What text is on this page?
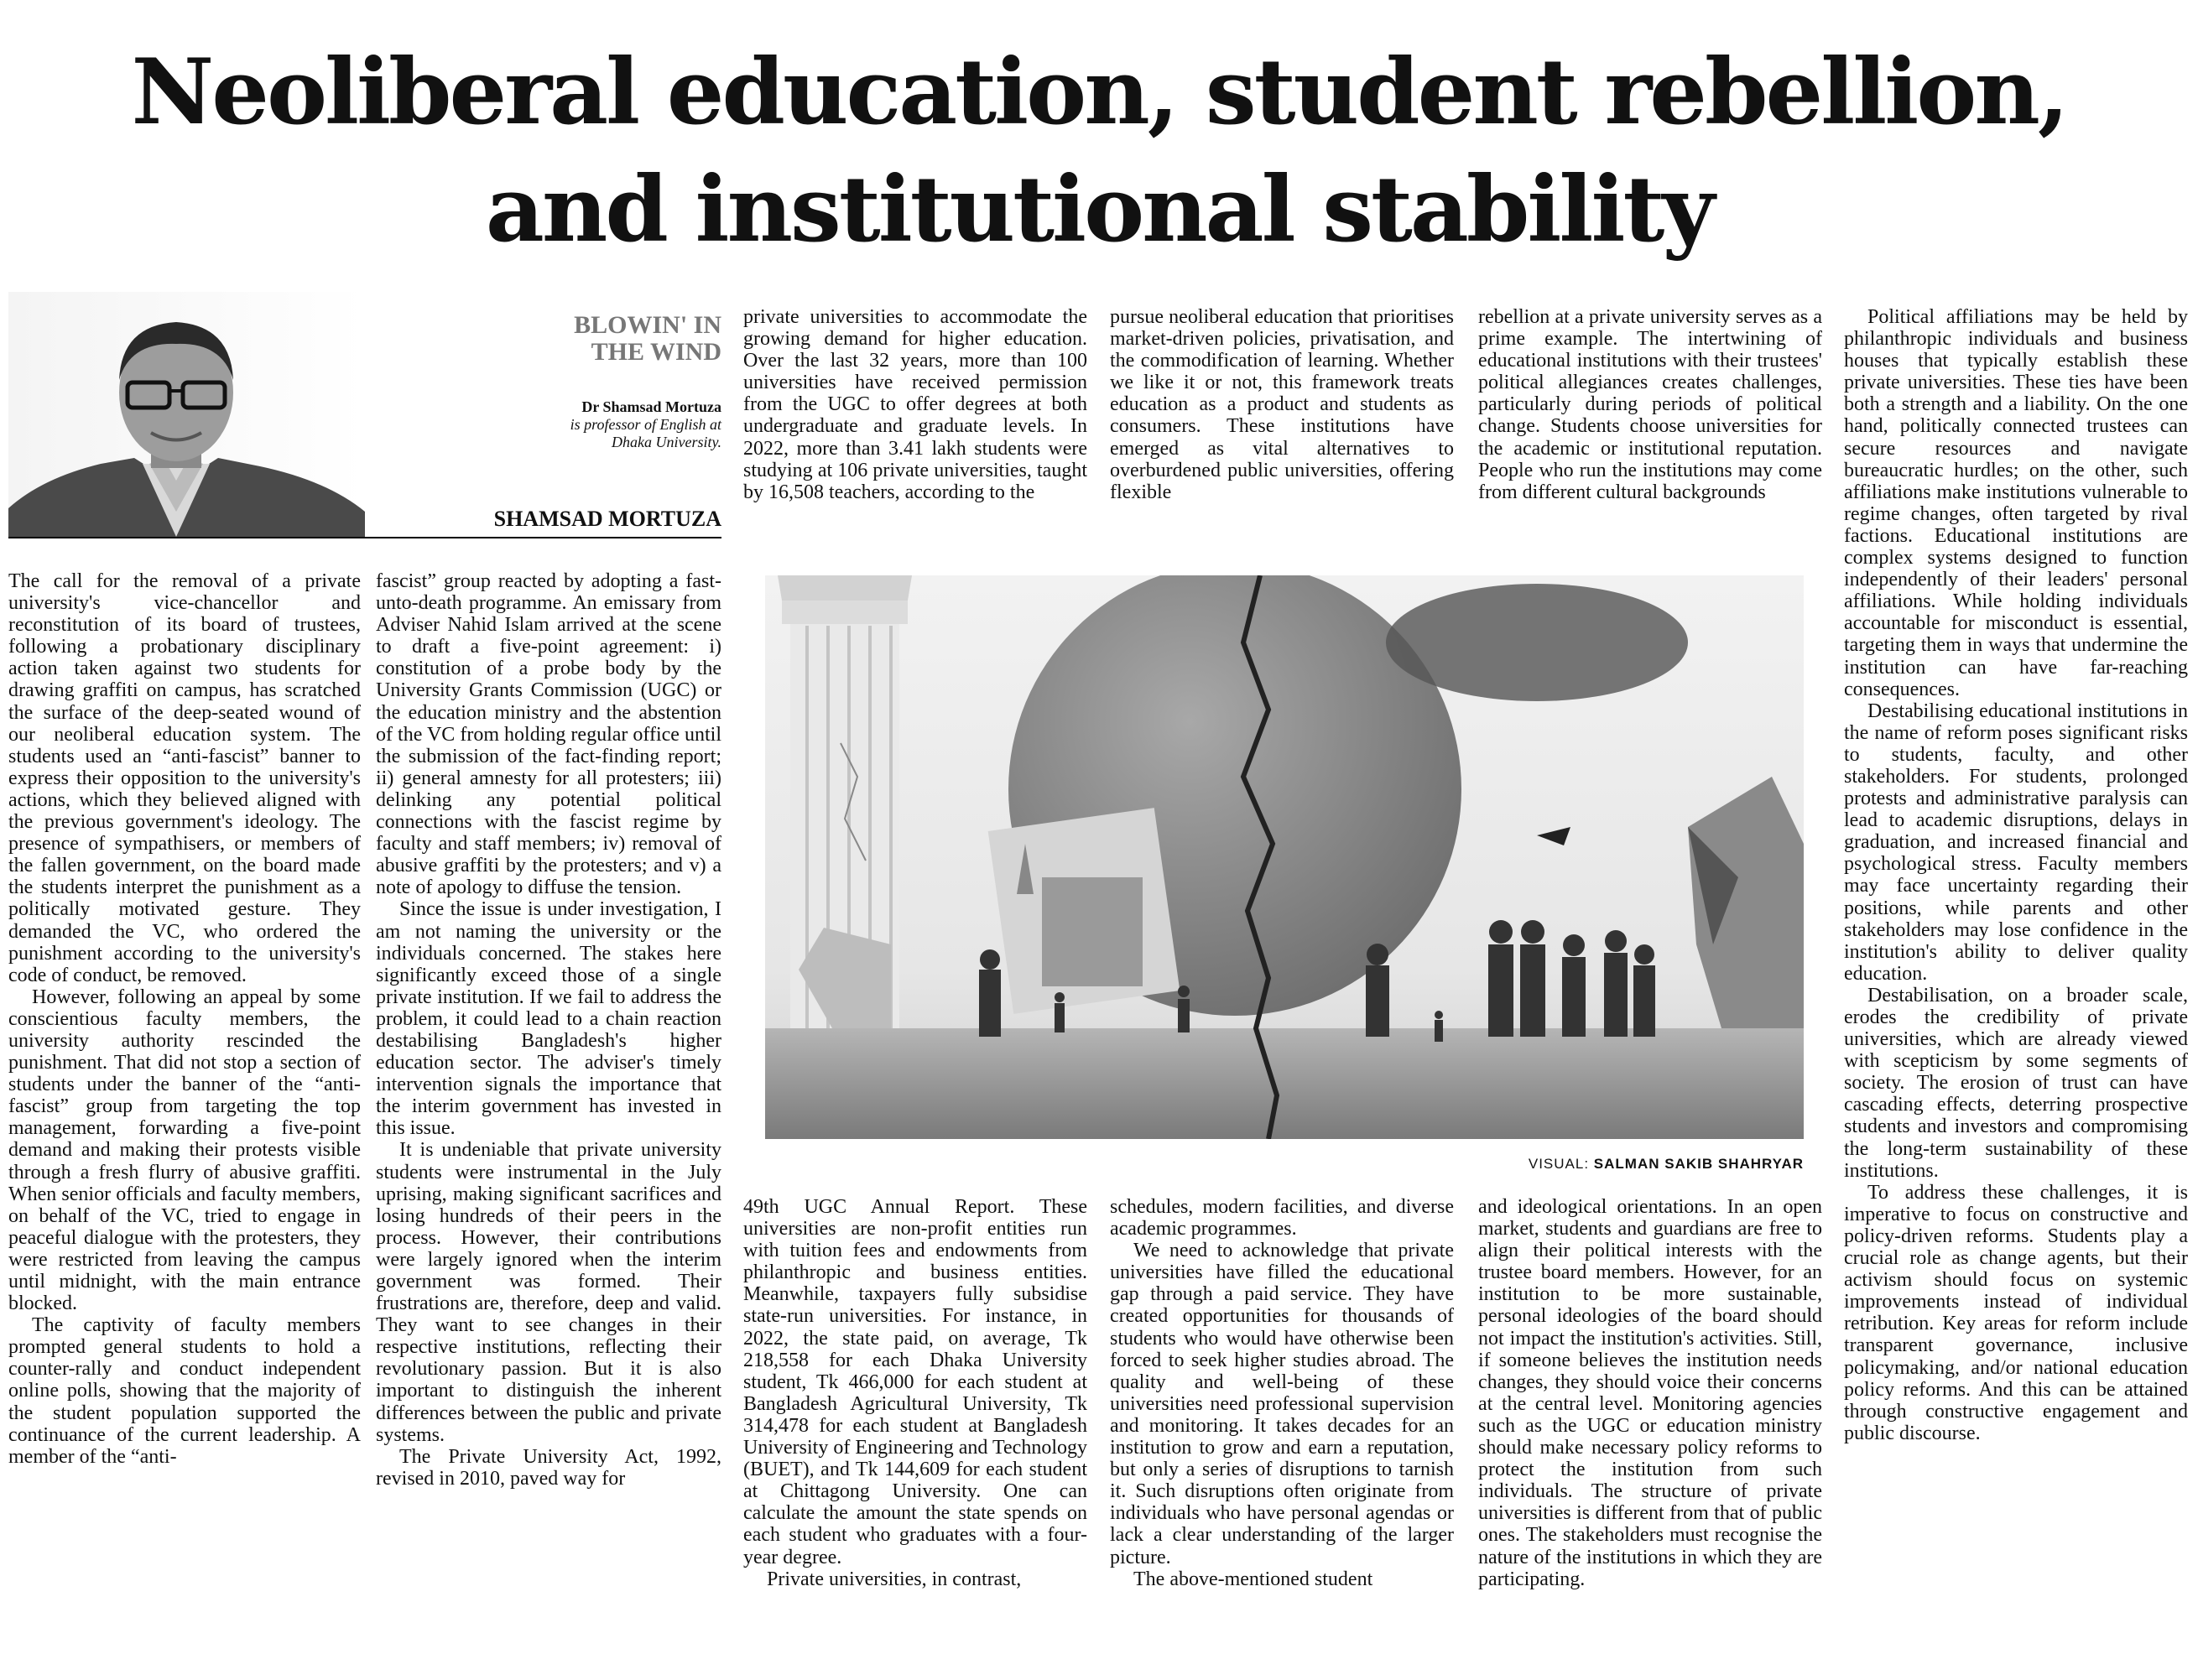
Neoliberal education, student rebellion,
and institutional stability
BLOWIN' IN
THE WIND
Dr Shamsad Mortuza
is professor of English at
Dhaka University.
SHAMSAD MORTUZA

The call for the removal of a private university's vice-chancellor and reconstitution of its board of trustees, following a probationary disciplinary action taken against two students for drawing graffiti on campus, has scratched the surface of the deep-seated wound of our neoliberal education system. The students used an “anti-fascist” banner to express their opposition to the university's actions, which they believed aligned with the previous government's ideology. The presence of sympathisers, or members of the fallen government, on the board made the students interpret the punishment as a politically motivated gesture. They demanded the VC, who ordered the punishment according to the university's code of conduct, be removed.

However, following an appeal by some conscientious faculty members, the university authority rescinded the punishment. That did not stop a section of students under the banner of the “anti-fascist” group from targeting the top management, forwarding a five-point demand and making their protests visible through a fresh flurry of abusive graffiti. When senior officials and faculty members, on behalf of the VC, tried to engage in peaceful dialogue with the protesters, they were restricted from leaving the campus until midnight, with the main entrance blocked.

The captivity of faculty members prompted general students to hold a counter-rally and conduct independent online polls, showing that the majority of the student population supported the continuance of the current leadership. A member of the “anti-

fascist” group reacted by adopting a fast-unto-death programme. An emissary from Adviser Nahid Islam arrived at the scene to draft a five-point agreement: i) constitution of a probe body by the University Grants Commission (UGC) or the education ministry and the abstention of the VC from holding regular office until the submission of the fact-finding report; ii) general amnesty for all protesters; iii) delinking any potential political connections with the fascist regime by faculty and staff members; iv) removal of abusive graffiti by the protesters; and v) a note of apology to diffuse the tension.

Since the issue is under investigation, I am not naming the university or the individuals concerned. The stakes here significantly exceed those of a single private institution. If we fail to address the problem, it could lead to a chain reaction destabilising Bangladesh's higher education sector. The adviser's timely intervention signals the importance that the interim government has invested in this issue.

It is undeniable that private university students were instrumental in the July uprising, making significant sacrifices and losing hundreds of their peers in the process. However, their contributions were largely ignored when the interim government was formed. Their frustrations are, therefore, deep and valid. They want to see changes in their respective institutions, reflecting their revolutionary passion. But it is also important to distinguish the inherent differences between the public and private systems.

The Private University Act, 1992, revised in 2010, paved way for

private universities to accommodate the growing demand for higher education. Over the last 32 years, more than 100 universities have received permission from the UGC to offer degrees at both undergraduate and graduate levels. In 2022, more than 3.41 lakh students were studying at 106 private universities, taught by 16,508 teachers, according to the

pursue neoliberal education that prioritises market-driven policies, privatisation, and the commodification of learning. Whether we like it or not, this framework treats education as a product and students as consumers. These institutions have emerged as vital alternatives to overburdened public universities, offering flexible

rebellion at a private university serves as a prime example. The intertwining of educational institutions with their trustees' political allegiances creates challenges, particularly during periods of political change. Students choose universities for the academic or institutional reputation. People who run the institutions may come from different cultural backgrounds

VISUAL: SALMAN SAKIB SHAHRYAR

49th UGC Annual Report. These universities are non-profit entities run with tuition fees and endowments from philanthropic and business entities. Meanwhile, taxpayers fully subsidise state-run universities. For instance, in 2022, the state paid, on average, Tk 218,558 for each Dhaka University student, Tk 466,000 for each student at Bangladesh Agricultural University, Tk 314,478 for each student at Bangladesh University of Engineering and Technology (BUET), and Tk 144,609 for each student at Chittagong University. One can calculate the amount the state spends on each student who graduates with a four-year degree.

Private universities, in contrast,

schedules, modern facilities, and diverse academic programmes.

We need to acknowledge that private universities have filled the educational gap through a paid service. They have created opportunities for thousands of students who would have otherwise been forced to seek higher studies abroad. The quality and well-being of these universities need professional supervision and monitoring. It takes decades for an institution to grow and earn a reputation, but only a series of disruptions to tarnish it. Such disruptions often originate from individuals who have personal agendas or lack a clear understanding of the larger picture.

The above-mentioned student

and ideological orientations. In an open market, students and guardians are free to align their political interests with the trustee board members. However, for an institution to be more sustainable, personal ideologies of the board should not impact the institution's activities. Still, if someone believes the institution needs changes, they should voice their concerns at the central level. Monitoring agencies such as the UGC or education ministry should make necessary policy reforms to protect the institution from such individuals. The structure of private universities is different from that of public ones. The stakeholders must recognise the nature of the institutions in which they are participating.

Political affiliations may be held by philanthropic individuals and business houses that typically establish these private universities. These ties have been both a strength and a liability. On the one hand, politically connected trustees can secure resources and navigate bureaucratic hurdles; on the other, such affiliations make institutions vulnerable to regime changes, often targeted by rival factions. Educational institutions are complex systems designed to function independently of their leaders' personal affiliations. While holding individuals accountable for misconduct is essential, targeting them in ways that undermine the institution can have far-reaching consequences.

Destabilising educational institutions in the name of reform poses significant risks to students, faculty, and other stakeholders. For students, prolonged protests and administrative paralysis can lead to academic disruptions, delays in graduation, and increased financial and psychological stress. Faculty members may face uncertainty regarding their positions, while parents and other stakeholders may lose confidence in the institution's ability to deliver quality education.

Destabilisation, on a broader scale, erodes the credibility of private universities, which are already viewed with scepticism by some segments of society. The erosion of trust can have cascading effects, deterring prospective students and investors and compromising the long-term sustainability of these institutions.

To address these challenges, it is imperative to focus on constructive and policy-driven reforms. Students play a crucial role as change agents, but their activism should focus on systemic improvements instead of individual retribution. Key areas for reform include transparent governance, inclusive policymaking, and/or national education policy reforms. And this can be attained through constructive engagement and public discourse.
